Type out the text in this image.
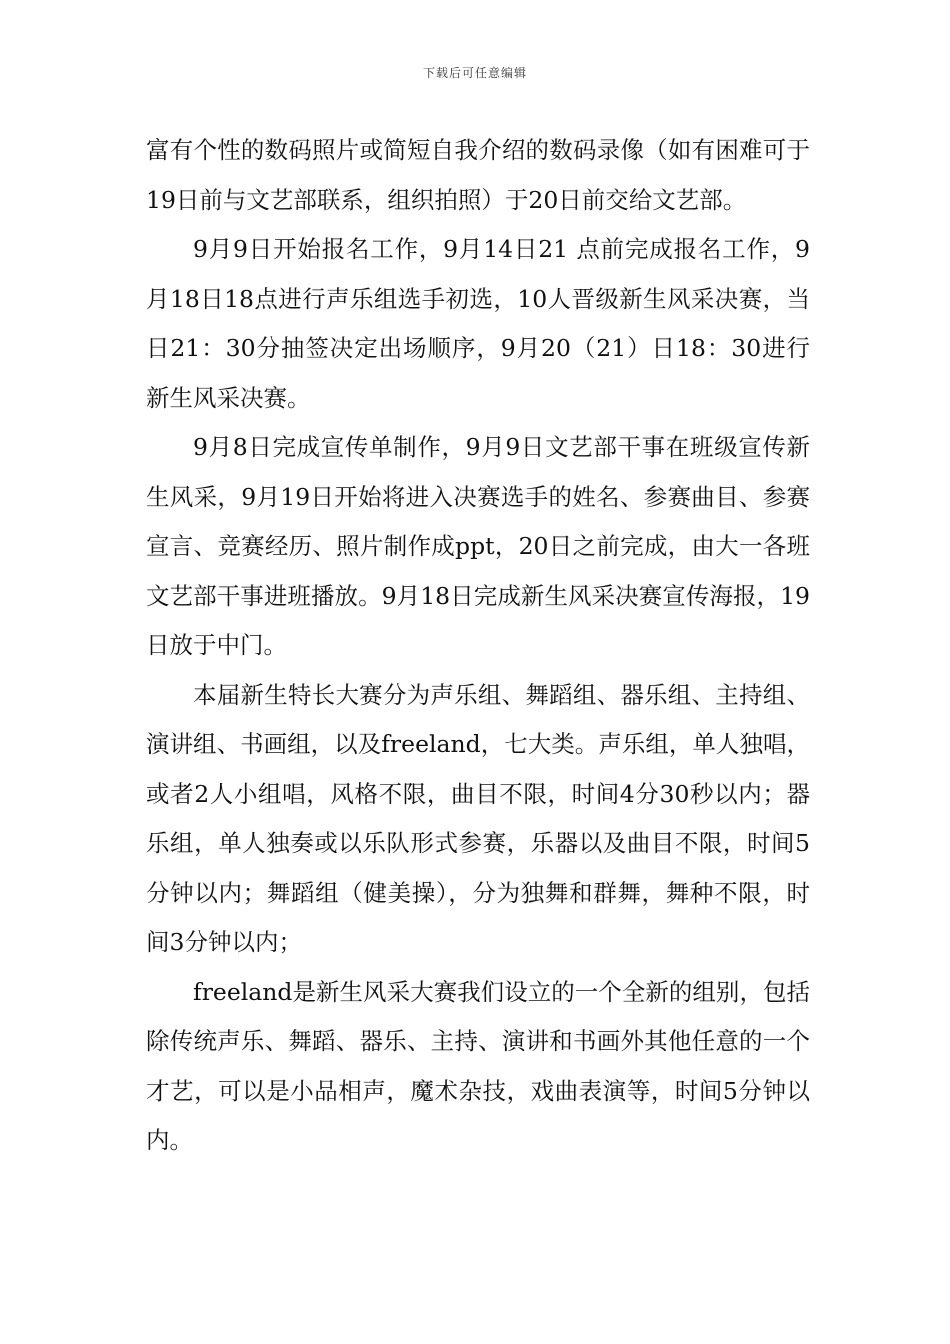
下载后可任意编辑

富有个性的数码照片或简短自我介绍的数码录像（如有困难可于19日前与文艺部联系，组织拍照）于20日前交给文艺部。

9月9日开始报名工作，9月14日21 点前完成报名工作，9月18日18点进行声乐组选手初选，10人晋级新生风采决赛，当日21：30分抽签决定出场顺序，9月20（21）日18：30进行新生风采决赛。

9月8日完成宣传单制作，9月9日文艺部干事在班级宣传新生风采，9月19日开始将进入决赛选手的姓名、参赛曲目、参赛宣言、竞赛经历、照片制作成ppt，20日之前完成，由大一各班文艺部干事进班播放。9月18日完成新生风采决赛宣传海报，19日放于中门。

本届新生特长大赛分为声乐组、舞蹈组、器乐组、主持组、演讲组、书画组，以及freeland，七大类。声乐组，单人独唱，或者2人小组唱，风格不限，曲目不限，时间4分30秒以内；器乐组，单人独奏或以乐队形式参赛，乐器以及曲目不限，时间5分钟以内；舞蹈组（健美操），分为独舞和群舞，舞种不限，时间3分钟以内；

freeland是新生风采大赛我们设立的一个全新的组别，包括除传统声乐、舞蹈、器乐、主持、演讲和书画外其他任意的一个才艺，可以是小品相声，魔术杂技，戏曲表演等，时间5分钟以内。
